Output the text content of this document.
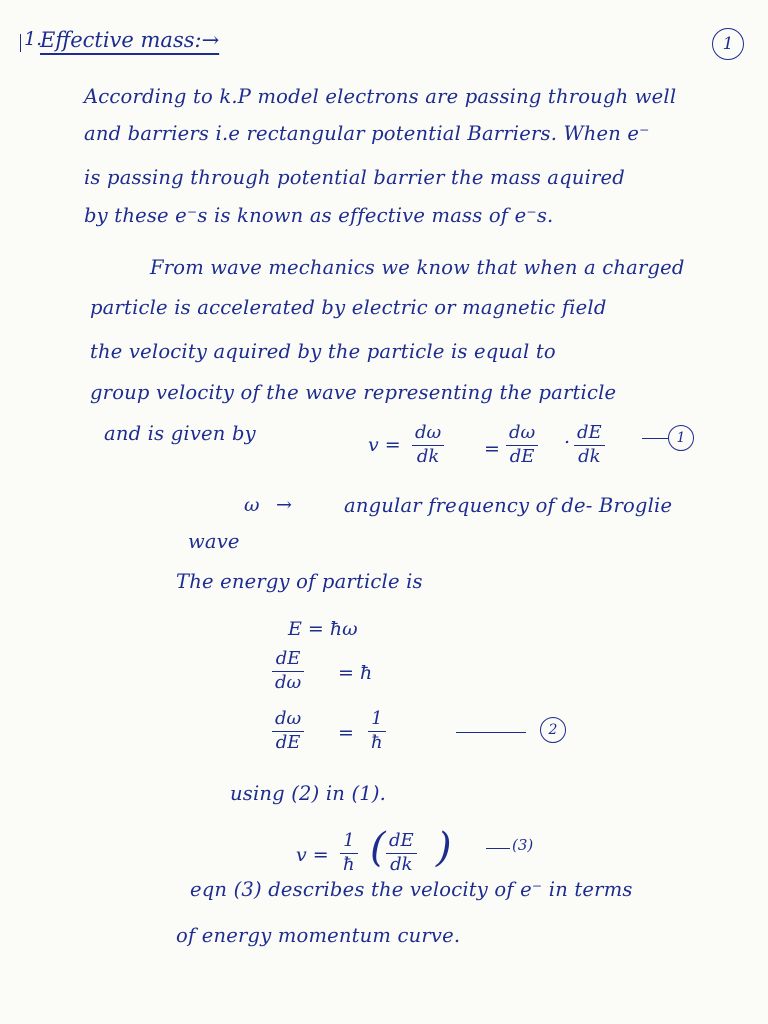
1.
Effective mass:→	1
According to k.P model electrons are passing through well
and barriers i.e rectangular potential Barriers. When e⁻
is passing through potential barrier the mass aquired
by these e⁻s is known as effective mass of e⁻s.
From wave mechanics we know that when a charged
particle is accelerated by electric or magnetic field
the velocity aquired by the particle is equal to
group velocity of the wave representing the particle
and is given by	v =
dω
dk =
dω
dE
. dE
dk
1
ω →	angular frequency of de- Broglie
wave
The energy of particle is
E = ħω
dE
dω = ħ
dω
dE =
1
ħ
2
using (2) in (1).
v =
1
ħ ( dE
dk )	(3)
eqn (3) describes the velocity of e⁻ in terms
of energy momentum curve.
